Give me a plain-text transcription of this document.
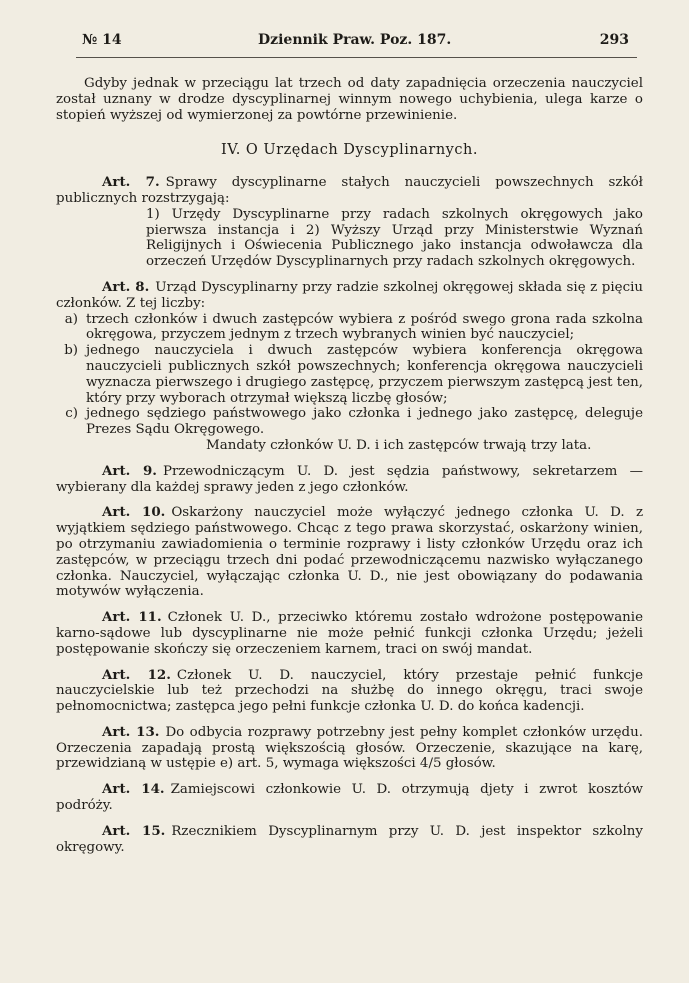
№ 14	Dziennik Praw. Poz. 187.	293

Gdyby jednak w przeciągu lat trzech od daty zapadnięcia orzeczenia nauczyciel został uznany w drodze dyscyplinarnej winnym nowego uchybienia, ulega karze o stopień wyższej od wymierzonej za powtórne przewinienie.

IV. O Urzędach Dyscyplinarnych.

Art. 7. Sprawy dyscyplinarne stałych nauczycieli powszechnych szkół publicznych rozstrzygają:

1) Urzędy Dyscyplinarne przy radach szkolnych okręgowych jako pierwsza instancja i 2) Wyższy Urząd przy Ministerstwie Wyznań Religijnych i Oświecenia Publicznego jako instancja odwoławcza dla orzeczeń Urzędów Dyscyplinarnych przy radach szkolnych okręgowych.

Art. 8. Urząd Dyscyplinarny przy radzie szkolnej okręgowej składa się z pięciu członków. Z tej liczby:

a) trzech członków i dwuch zastępców wybiera z pośród swego grona rada szkolna okręgowa, przyczem jednym z trzech wybranych winien być nauczyciel;
b) jednego nauczyciela i dwuch zastępców wybiera konferencja okręgowa nauczycieli publicznych szkół powszechnych; konferencja okręgowa nauczycieli wyznacza pierwszego i drugiego zastępcę, przyczem pierwszym zastępcą jest ten, który przy wyborach otrzymał większą liczbę głosów;
c) jednego sędziego państwowego jako członka i jednego jako zastępcę, deleguje Prezes Sądu Okręgowego.

Mandaty członków U. D. i ich zastępców trwają trzy lata.

Art. 9. Przewodniczącym U. D. jest sędzia państwowy, sekretarzem — wybierany dla każdej sprawy jeden z jego członków.

Art. 10. Oskarżony nauczyciel może wyłączyć jednego członka U. D. z wyjątkiem sędziego państwowego. Chcąc z tego prawa skorzystać, oskarżony winien, po otrzymaniu zawiadomienia o terminie rozprawy i listy członków Urzędu oraz ich zastępców, w przeciągu trzech dni podać przewodniczącemu nazwisko wyłączanego członka. Nauczyciel, wyłączając członka U. D., nie jest obowiązany do podawania motywów wyłączenia.

Art. 11. Członek U. D., przeciwko któremu zostało wdrożone postępowanie karno-sądowe lub dyscyplinarne nie może pełnić funkcji członka Urzędu; jeżeli postępowanie skończy się orzeczeniem karnem, traci on swój mandat.

Art. 12. Członek U. D. nauczyciel, który przestaje pełnić funkcje nauczycielskie lub też przechodzi na służbę do innego okręgu, traci swoje pełnomocnictwa; zastępca jego pełni funkcje członka U. D. do końca kadencji.

Art. 13. Do odbycia rozprawy potrzebny jest pełny komplet członków urzędu. Orzeczenia zapadają prostą większością głosów. Orzeczenie, skazujące na karę, przewidzianą w ustępie e) art. 5, wymaga większości 4/5 głosów.

Art. 14. Zamiejscowi członkowie U. D. otrzymują djety i zwrot kosztów podróży.

Art. 15. Rzecznikiem Dyscyplinarnym przy U. D. jest inspektor szkolny okręgowy.
